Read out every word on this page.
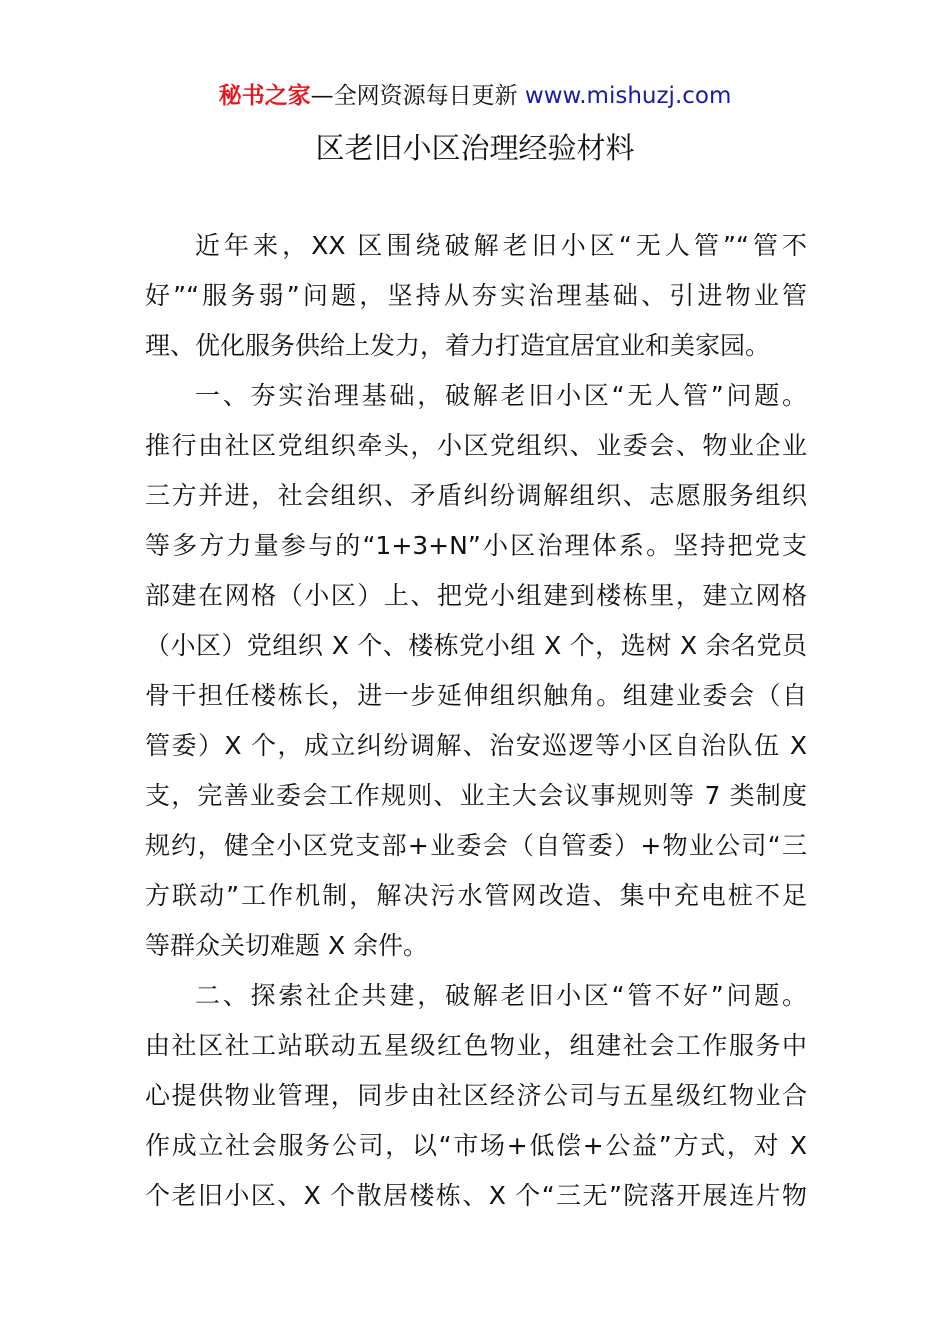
秘书之家—全网资源每日更新 www.mishuzj.com
区老旧小区治理经验材料
近年来，XX 区围绕破解老旧小区“无人管”“管不
好”“服务弱”问题，坚持从夯实治理基础、引进物业管
理、优化服务供给上发力，着力打造宜居宜业和美家园。
一、夯实治理基础，破解老旧小区“无人管”问题。
推行由社区党组织牵头，小区党组织、业委会、物业企业
三方并进，社会组织、矛盾纠纷调解组织、志愿服务组织
等多方力量参与的“1+3+N”小区治理体系。坚持把党支
部建在网格（小区）上、把党小组建到楼栋里，建立网格
（小区）党组织 X 个、楼栋党小组 X 个，选树 X 余名党员
骨干担任楼栋长，进一步延伸组织触角。组建业委会（自
管委）X 个，成立纠纷调解、治安巡逻等小区自治队伍 X
支，完善业委会工作规则、业主大会议事规则等 7 类制度
规约，健全小区党支部+业委会（自管委）+物业公司“三
方联动”工作机制，解决污水管网改造、集中充电桩不足
等群众关切难题 X 余件。
二、探索社企共建，破解老旧小区“管不好”问题。
由社区社工站联动五星级红色物业，组建社会工作服务中
心提供物业管理，同步由社区经济公司与五星级红物业合
作成立社会服务公司，以“市场+低偿+公益”方式，对 X
个老旧小区、X 个散居楼栋、X 个“三无”院落开展连片物
